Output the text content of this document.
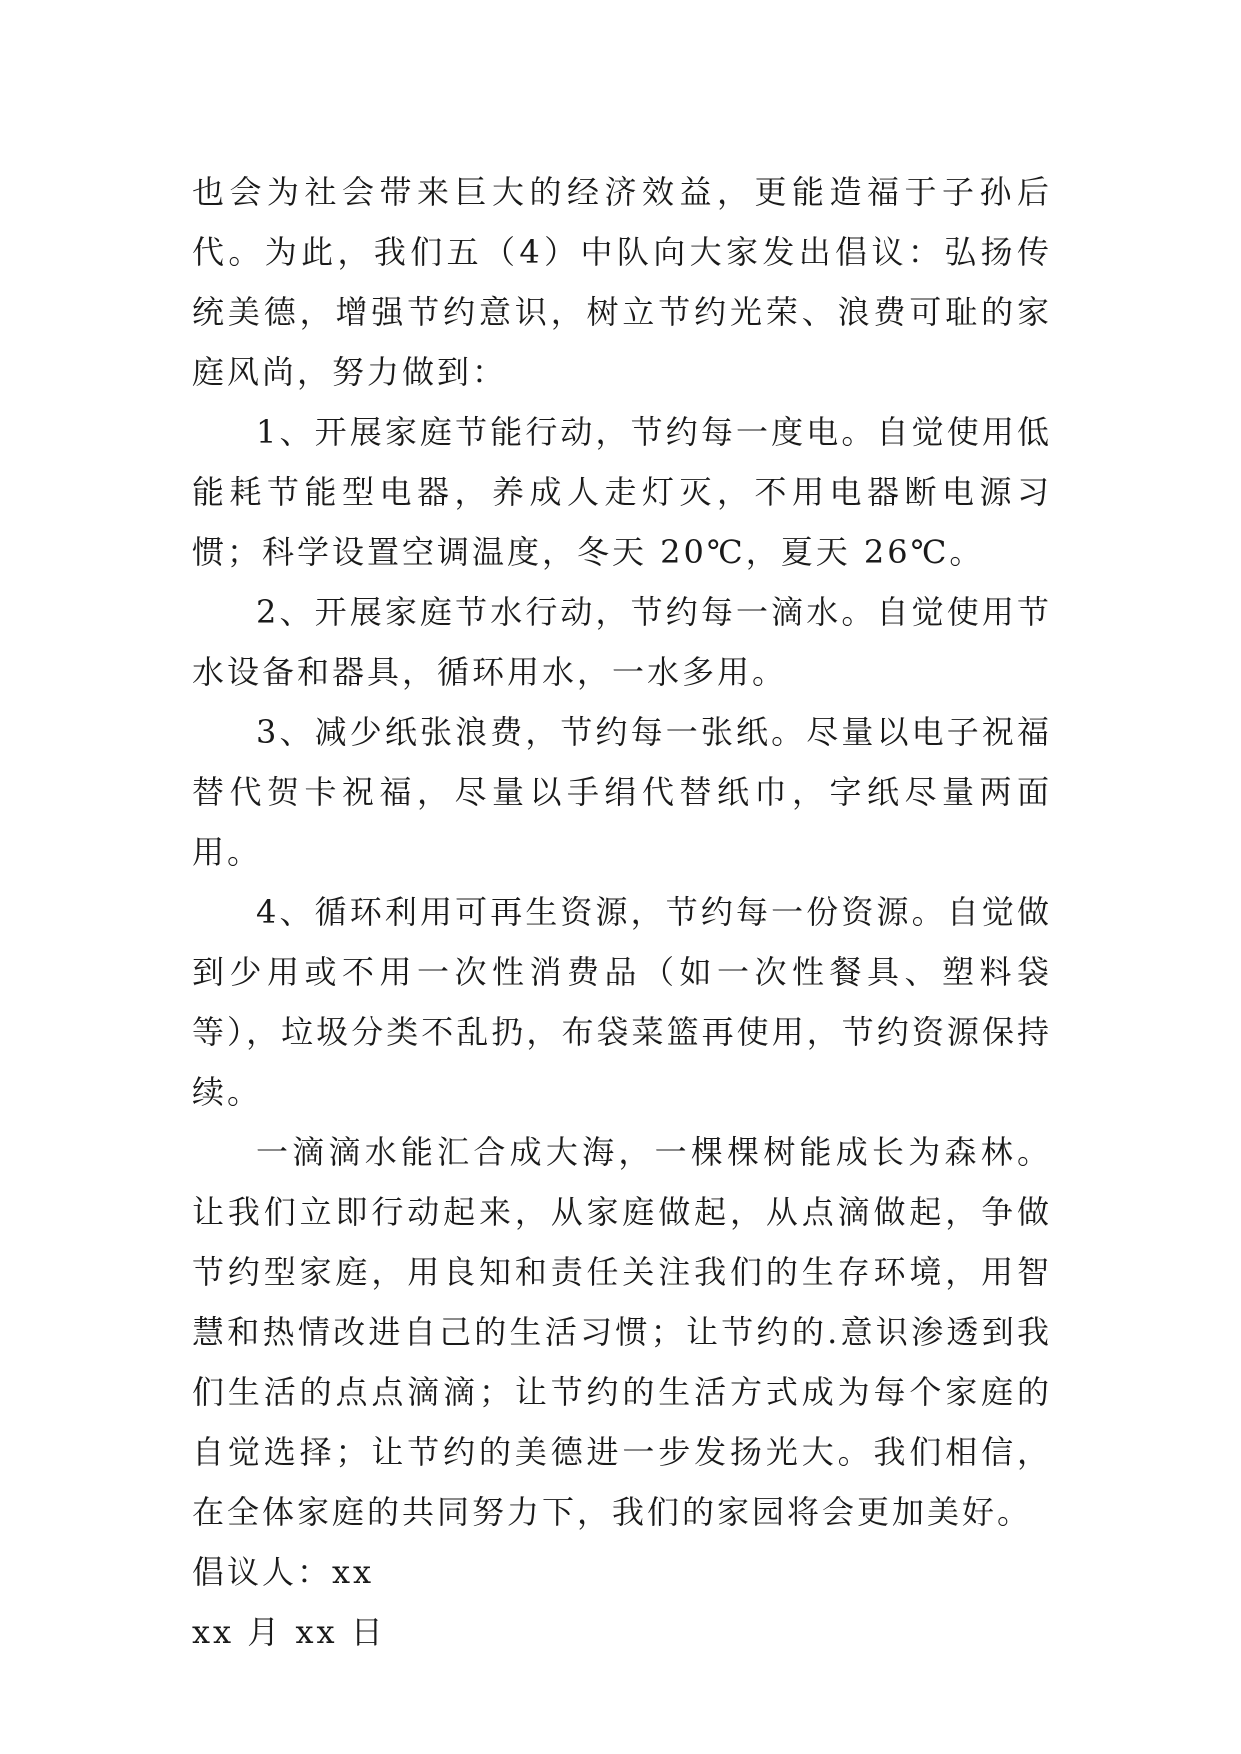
也会为社会带来巨大的经济效益，更能造福于子孙后代。为此，我们五（4）中队向大家发出倡议：弘扬传统美德，增强节约意识，树立节约光荣、浪费可耻的家庭风尚，努力做到：

1、开展家庭节能行动，节约每一度电。自觉使用低能耗节能型电器，养成人走灯灭，不用电器断电源习惯；科学设置空调温度，冬天 20℃，夏天 26℃。

2、开展家庭节水行动，节约每一滴水。自觉使用节水设备和器具，循环用水，一水多用。

3、减少纸张浪费，节约每一张纸。尽量以电子祝福替代贺卡祝福，尽量以手绢代替纸巾，字纸尽量两面用。

4、循环利用可再生资源，节约每一份资源。自觉做到少用或不用一次性消费品（如一次性餐具、塑料袋等），垃圾分类不乱扔，布袋菜篮再使用，节约资源保持续。

一滴滴水能汇合成大海，一棵棵树能成长为森林。让我们立即行动起来，从家庭做起，从点滴做起，争做节约型家庭，用良知和责任关注我们的生存环境，用智慧和热情改进自己的生活习惯；让节约的.意识渗透到我们生活的点点滴滴；让节约的生活方式成为每个家庭的自觉选择；让节约的美德进一步发扬光大。我们相信，在全体家庭的共同努力下，我们的家园将会更加美好。

倡议人：xx

xx 月 xx 日
